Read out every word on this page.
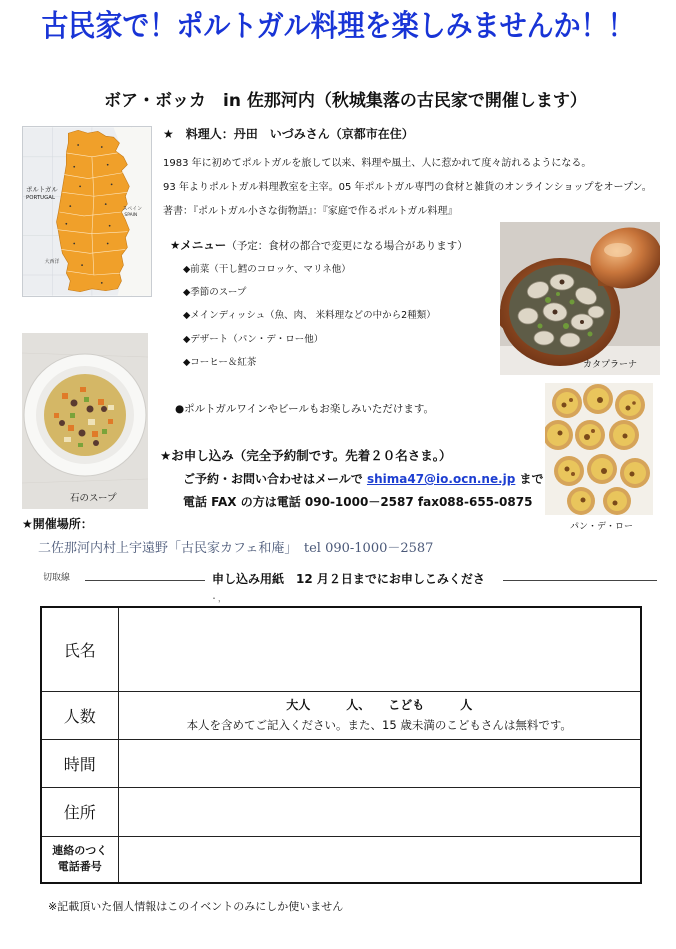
古民家で！ポルトガル料理を楽しみませんか！！
ボア・ボッカ　in 佐那河内（秋城集落の古民家で開催します）
ポルトガル
PORTUGAL
スペイン
SPAIN
大西洋
★　料理人：丹田　いづみさん（京都市在住）
1983 年に初めてポルトガルを旅して以来、料理や風土、人に惹かれて度々訪れるようになる。
93 年よりポルトガル料理教室を主宰。05 年ポルトガル専門の食材と雑貨のオンラインショップをオープン。
著書：『ポルトガル小さな街物語』：『家庭で作るポルトガル料理』
カタプラーナ
★メニュー（予定：食材の都合で変更になる場合があります）
◆前菜（干し鱈のコロッケ、マリネ他）
◆季節のスープ
◆メインディッシュ（魚、肉、 米料理などの中から2種類）
◆デザート（パン・デ・ロー他）
◆コーヒー＆紅茶
石のスープ
パン・デ・ロー
●ポルトガルワインやビールもお楽しみいただけます。
★お申し込み（完全予約制です。先着２０名さま。）
ご予約・お問い合わせはメールで shima47@io.ocn.ne.jp まで
電話 FAX の方は電話 090-1000－2587 fax088-655-0875
★開催場所：
二佐那河内村上宇遠野「古民家カフェ和庵」　tel 090-1000－2587
切取線	申し込み用紙　12 月２日までにお申しこみくださ
・，
氏名	
人数	大人　　　人、　　こども　　　人
本人を含めてご記入ください。また、15 歳未満のこどもさんは無料です。

時間	
住所	

連絡のつく
電話番号	

※記載頂いた個人情報はこのイベントのみにしか使いません
